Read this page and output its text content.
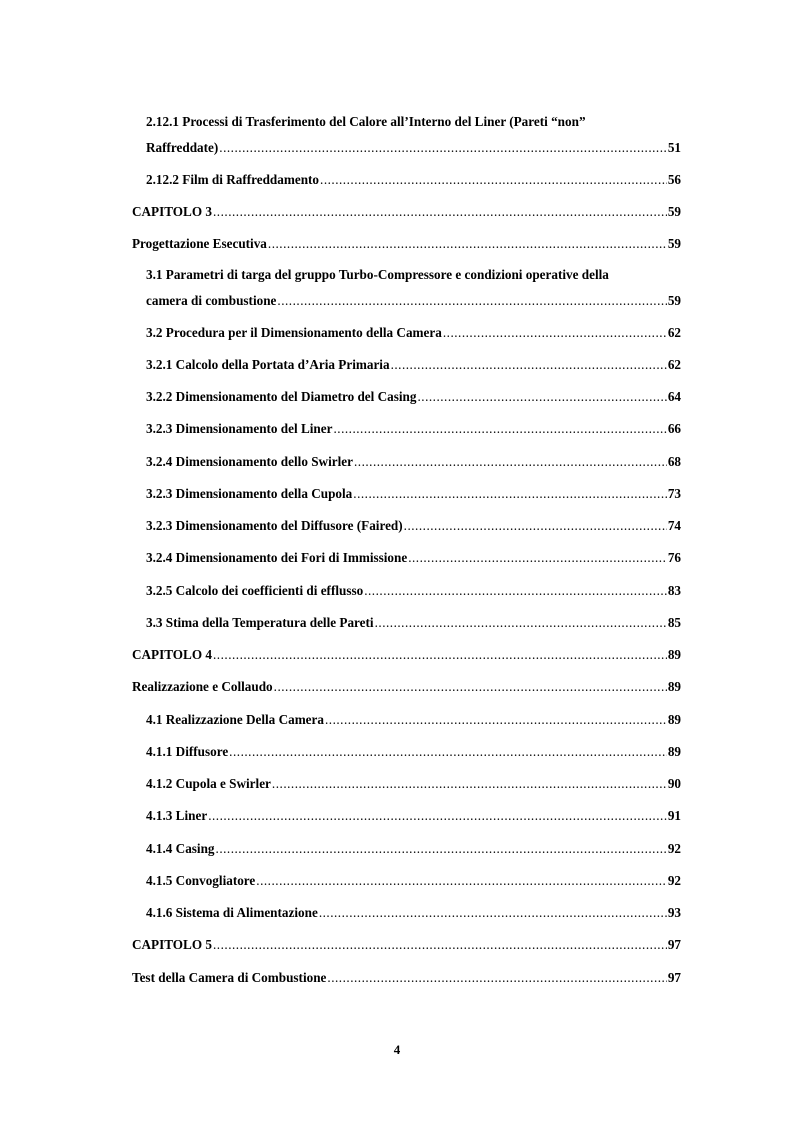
2.12.1 Processi di Trasferimento del Calore all’Interno del Liner (Pareti “non”
Raffreddate) .....	51
2.12.2 Film di Raffreddamento .....	56
CAPITOLO 3 .....	59
Progettazione Esecutiva .....	59
3.1 Parametri di targa del gruppo Turbo-Compressore e condizioni operative della
camera di combustione .....	59
3.2 Procedura per il Dimensionamento della Camera .....	62
3.2.1 Calcolo della Portata d’Aria Primaria .....	62
3.2.2 Dimensionamento del Diametro del Casing .....	64
3.2.3 Dimensionamento del Liner .....	66
3.2.4 Dimensionamento dello Swirler .....	68
3.2.3 Dimensionamento della Cupola .....	73
3.2.3 Dimensionamento del Diffusore (Faired) .....	74
3.2.4 Dimensionamento dei Fori di Immissione .....	76
3.2.5 Calcolo dei coefficienti di efflusso .....	83
3.3 Stima della Temperatura delle Pareti .....	85
CAPITOLO 4 .....	89
Realizzazione e Collaudo .....	89
4.1 Realizzazione Della Camera .....	89
4.1.1 Diffusore .....	89
4.1.2 Cupola e Swirler .....	90
4.1.3 Liner .....	91
4.1.4 Casing .....	92
4.1.5 Convogliatore .....	92
4.1.6 Sistema di Alimentazione .....	93
CAPITOLO 5 .....	97
Test della Camera di Combustione .....	97
4
